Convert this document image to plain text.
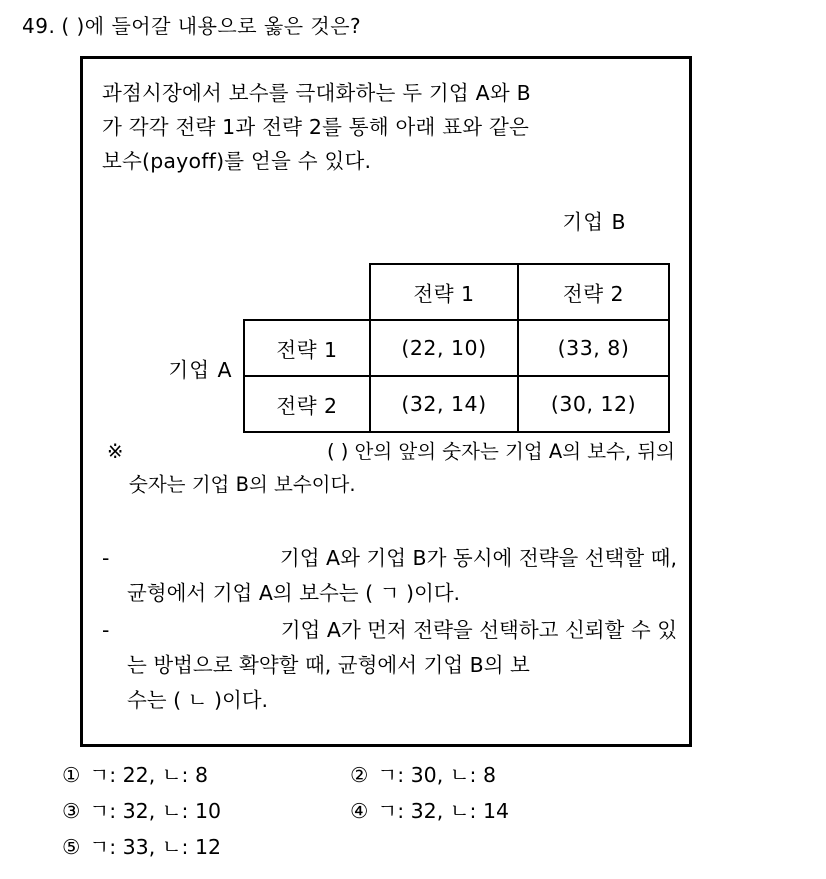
49. ( )에 들어갈 내용으로 옳은 것은?
과점시장에서 보수를 극대화하는 두 기업 A와 B
가 각각 전략 1과 전략 2를 통해 아래 표와 같은
보수(payoff)를 얻을 수 있다.
기업 B
기업 A
	전략 1	전략 2
전략 1	(22, 10)	(33, 8)
전략 2	(32, 14)	(30, 12)
※	( ) 안의 앞의 숫자는 기업 A의 보수, 뒤의
숫자는 기업 B의 보수이다.
-	기업 A와 기업 B가 동시에 전략을 선택할 때,
균형에서 기업 A의 보수는 ( ㄱ )이다.
-	기업 A가 먼저 전략을 선택하고 신뢰할 수 있
는 방법으로 확약할 때, 균형에서 기업 B의 보
수는 ( ㄴ )이다.
① ㄱ: 22, ㄴ: 8	② ㄱ: 30, ㄴ: 8
③ ㄱ: 32, ㄴ: 10	④ ㄱ: 32, ㄴ: 14
⑤ ㄱ: 33, ㄴ: 12
